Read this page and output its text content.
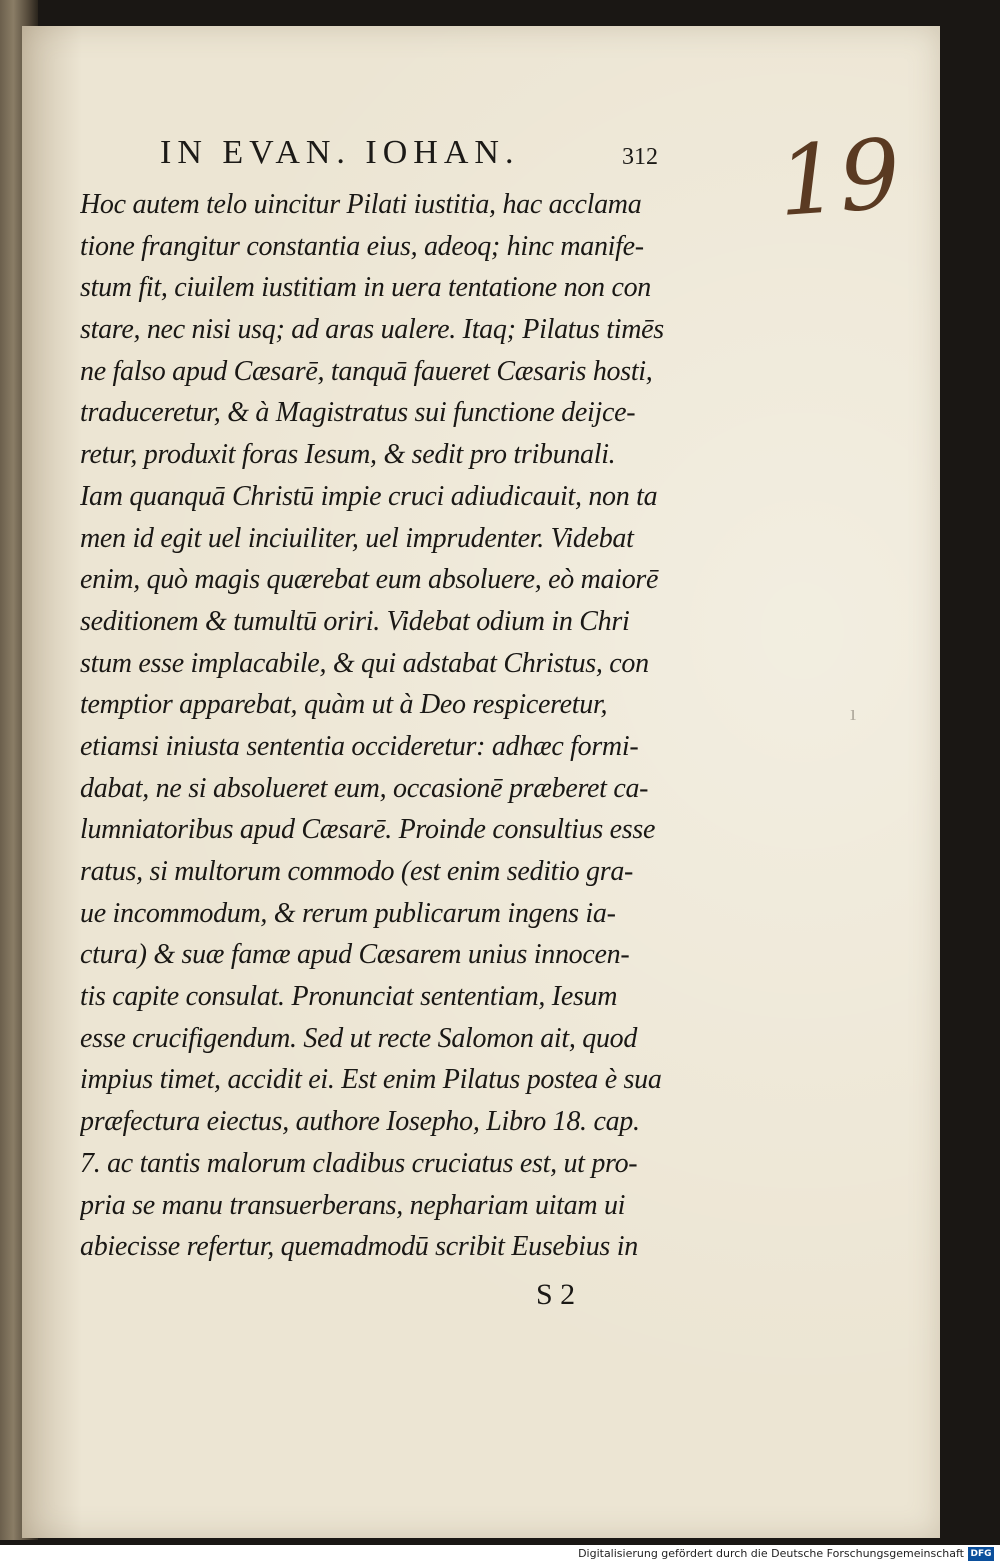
IN EVAN. IOHAN.	312 19
ı
Hoc autem telo uincitur Pilati iustitia, hac acclama
tione frangitur constantia eius, adeoq; hinc manife-
stum fit, ciuilem iustitiam in uera tentatione non con
stare, nec nisi usq; ad aras ualere. Itaq; Pilatus timēs
ne falso apud Cæsarē, tanquā faueret Cæsaris hosti,
traduceretur, & à Magistratus sui functione deijce-
retur, produxit foras Iesum, & sedit pro tribunali.
Iam quanquā Christū impie cruci adiudicauit, non ta
men id egit uel inciuiliter, uel imprudenter. Videbat
enim, quò magis quærebat eum absoluere, eò maiorē
seditionem & tumultū oriri. Videbat odium in Chri
stum esse implacabile, & qui adstabat Christus, con
temptior apparebat, quàm ut à Deo respiceretur,
etiamsi iniusta sententia occideretur: adhæc formi-
dabat, ne si absolueret eum, occasionē præberet ca-
lumniatoribus apud Cæsarē. Proinde consultius esse
ratus, si multorum commodo (est enim seditio gra-
ue incommodum, & rerum publicarum ingens ia-
ctura) & suæ famæ apud Cæsarem unius innocen-
tis capite consulat. Pronunciat sententiam, Iesum
esse crucifigendum. Sed ut recte Salomon ait, quod
impius timet, accidit ei. Est enim Pilatus postea è sua
præfectura eiectus, authore Iosepho, Libro 18. cap.
7. ac tantis malorum cladibus cruciatus est, ut pro-
pria se manu transuerberans, nephariam uitam ui
abiecisse refertur, quemadmodū scribit Eusebius in
S 2
Digitalisierung gefördert durch die Deutsche Forschungsgemeinschaft DFG
